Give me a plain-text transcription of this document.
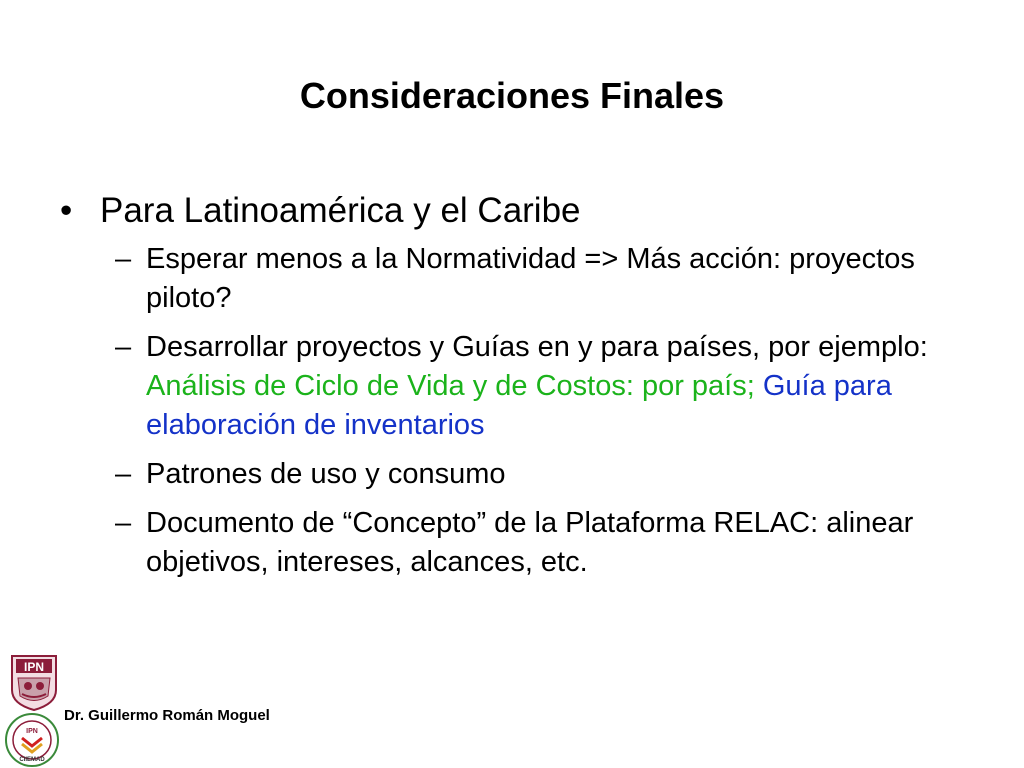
Consideraciones Finales
• Para Latinoamérica y el Caribe
– Esperar menos a la Normatividad => Más acción: proyectos piloto?
– Desarrollar proyectos y Guías en y para países, por ejemplo: Análisis de Ciclo de Vida y de Costos: por país; Guía para elaboración de inventarios
– Patrones de uso y consumo
– Documento de “Concepto” de la Plataforma RELAC: alinear objetivos, intereses, alcances, etc.
IPN
IPN
CIIEMAD
Dr. Guillermo Román Moguel
